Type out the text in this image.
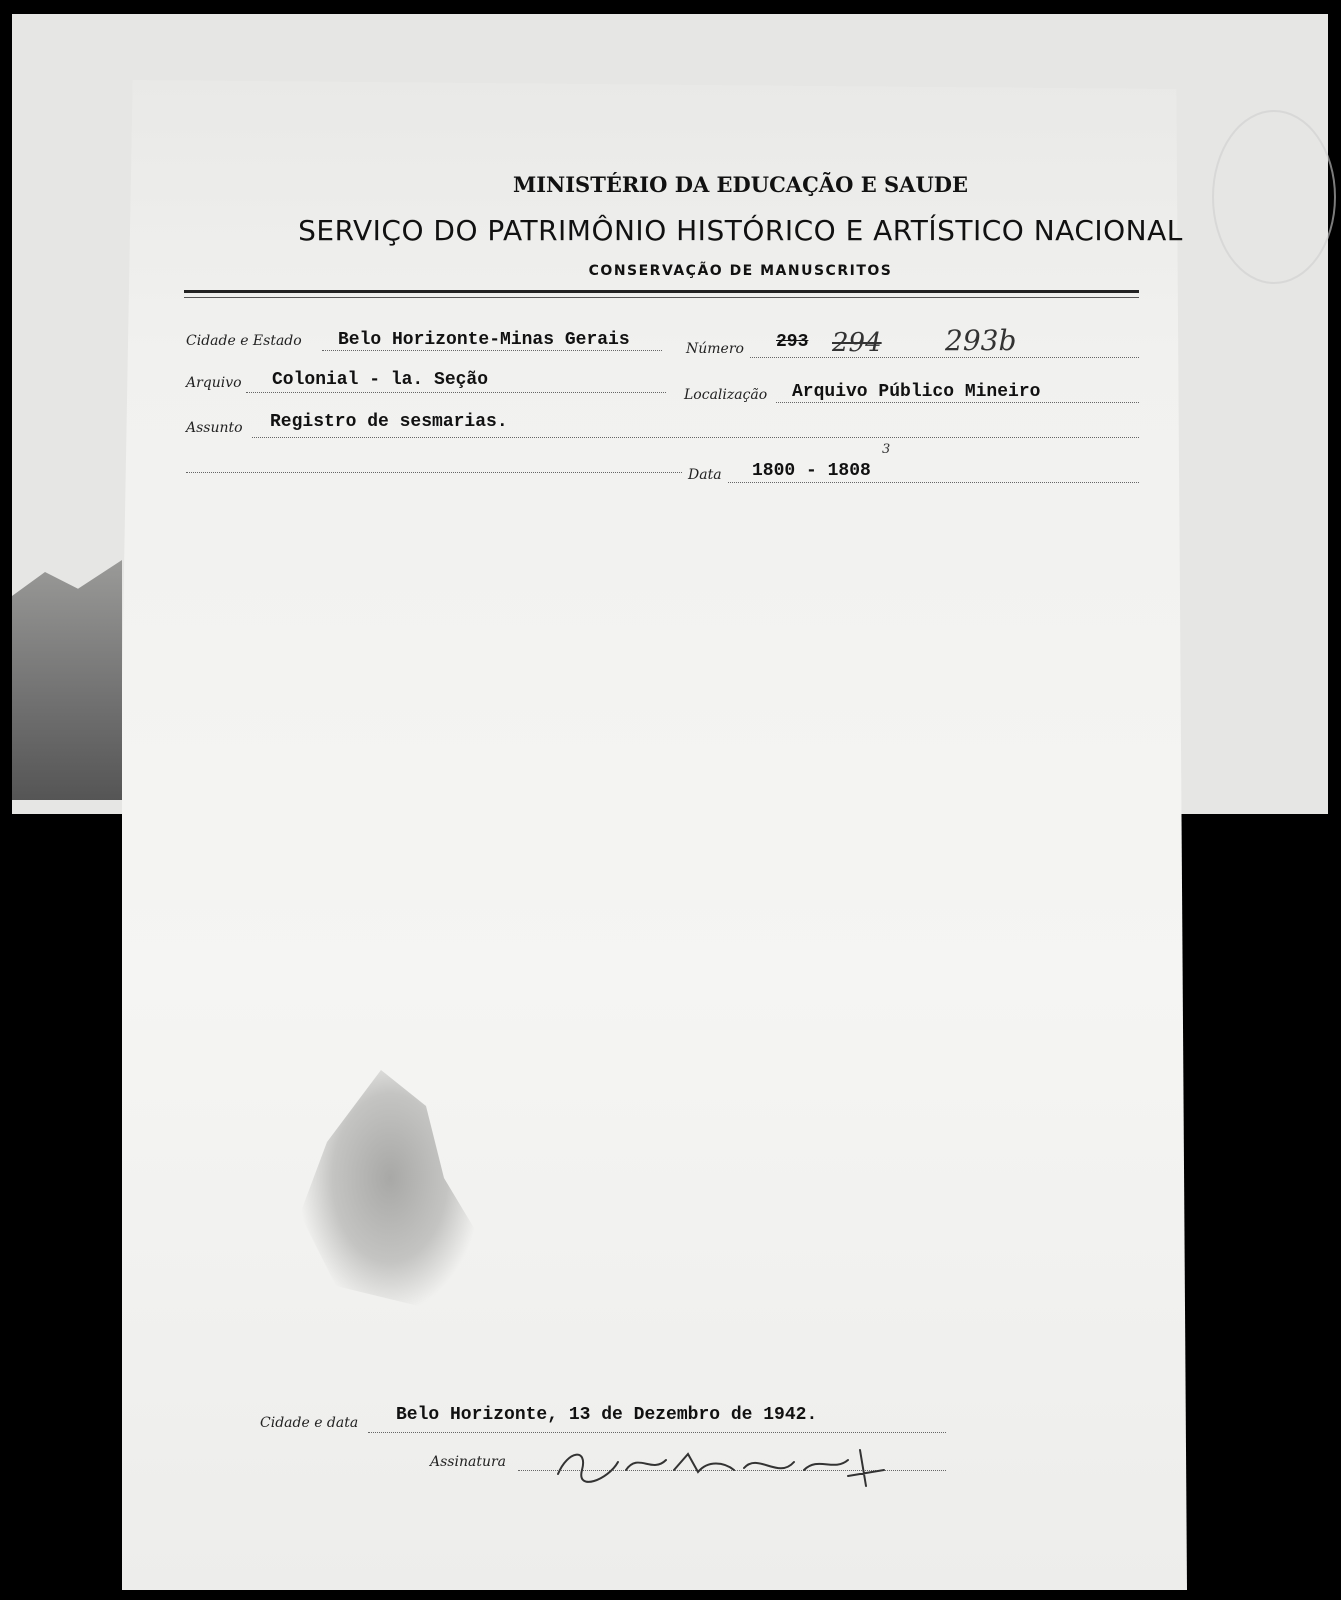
MINISTÉRIO DA EDUCAÇÃO E SAUDE
SERVIÇO DO PATRIMÔNIO HISTÓRICO E ARTÍSTICO NACIONAL
CONSERVAÇÃO DE MANUSCRITOS
Cidade e Estado Belo Horizonte-Minas Gerais	Número 293 294 293b
Arquivo Colonial - la. Seção
Localização Arquivo Público Mineiro
Assunto Registro de sesmarias.
Data 1800 - 1808
3
Cidade e data Belo Horizonte, 13 de Dezembro de 1942.
Assinatura
